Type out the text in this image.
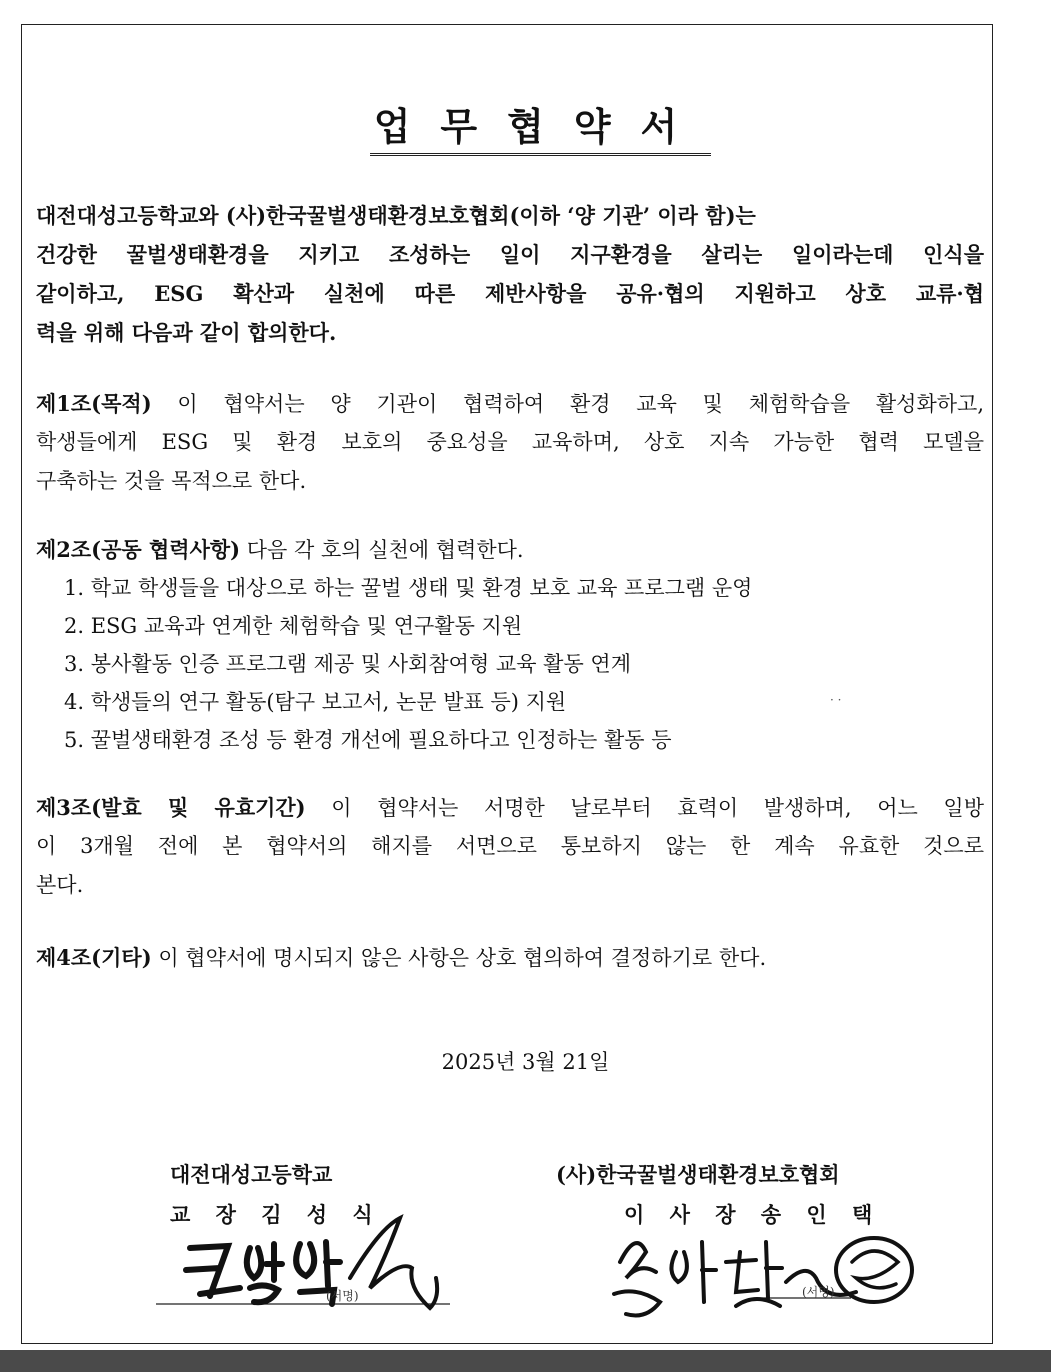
업무협약서
대전대성고등학교와 (사)한국꿀벌생태환경보호협회(이하 ‘양 기관’ 이라 함)는
건강한 꿀벌생태환경을 지키고 조성하는 일이 지구환경을 살리는 일이라는데 인식을
같이하고, ESG 확산과 실천에 따른 제반사항을 공유·협의 지원하고 상호 교류·협
력을 위해 다음과 같이 합의한다.
제1조(목적) 이 협약서는 양 기관이 협력하여 환경 교육 및 체험학습을 활성화하고,
학생들에게 ESG 및 환경 보호의 중요성을 교육하며, 상호 지속 가능한 협력 모델을
구축하는 것을 목적으로 한다.
제2조(공동 협력사항) 다음 각 호의 실천에 협력한다.
1. 학교 학생들을 대상으로 하는 꿀벌 생태 및 환경 보호 교육 프로그램 운영
2. ESG 교육과 연계한 체험학습 및 연구활동 지원
3. 봉사활동 인증 프로그램 제공 및 사회참여형 교육 활동 연계
4. 학생들의 연구 활동(탐구 보고서, 논문 발표 등) 지원
5. 꿀벌생태환경 조성 등 환경 개선에 필요하다고 인정하는 활동 등
· ·
제3조(발효 및 유효기간) 이 협약서는 서명한 날로부터 효력이 발생하며, 어느 일방
이 3개월 전에 본 협약서의 해지를 서면으로 통보하지 않는 한 계속 유효한 것으로
본다.
제4조(기타) 이 협약서에 명시되지 않은 사항은 상호 협의하여 결정하기로 한다.
2025년 3월 21일
대전대성고등학교
교 장 김 성 식
(서명)
(사)한국꿀벌생태환경보호협회
이 사 장 송 인 택
(서명)
